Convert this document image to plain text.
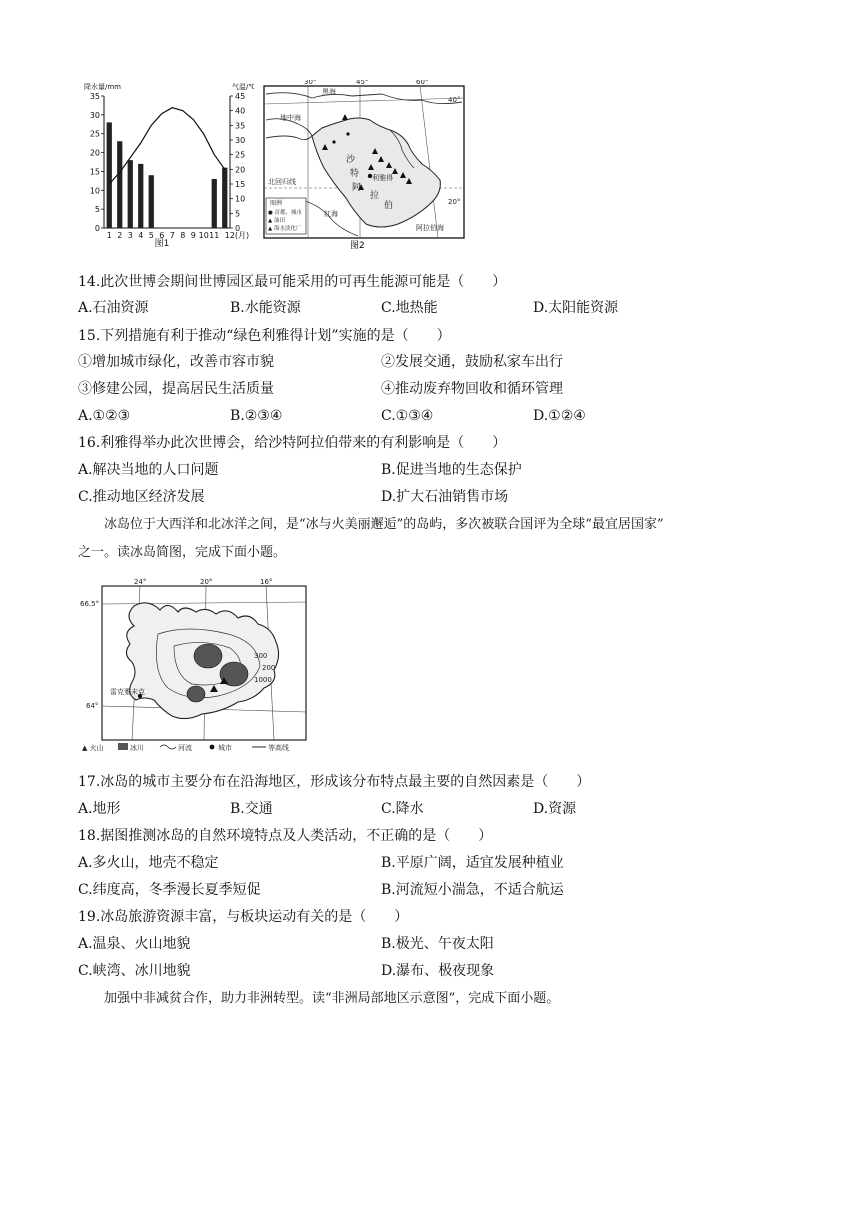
降水量/mm	气温/℃
35
30
25
20
15
10
5
0
45
40
35
30
25
20
15
10
5
0
1 2 3 4 5 6 7 8 9 10 11 12(月)
图1
30°	45°	60°
40°
20°
黑海
地中海
沙
特
阿
拉
伯
利雅得
北回归线
红海
阿拉伯海
图例
● 首都、城市
▲ 油田
▲ 海水淡化厂
图2
14.此次世博会期间世博园区最可能采用的可再生能源可能是（　　）
A.石油资源	B.水能资源	C.地热能	D.太阳能资源
15.下列措施有利于推动“绿色利雅得计划”实施的是（　　）
①增加城市绿化，改善市容市貌	②发展交通，鼓励私家车出行
③修建公园，提高居民生活质量	④推动废弃物回收和循环管理
A.①②③	B.②③④	C.①③④	D.①②④
16.利雅得举办此次世博会，给沙特阿拉伯带来的有利影响是（　　）
A.解决当地的人口问题	B.促进当地的生态保护
C.推动地区经济发展	D.扩大石油销售市场
冰岛位于大西洋和北冰洋之间，是“冰与火美丽邂逅”的岛屿，多次被联合国评为全球“最宜居国家”
之一。读冰岛简图，完成下面小题。
24°	20°	16°
66.5°
64°
300
200
1000
雷克雅未克
▲ 火山	冰川	河流	城市	等高线
17.冰岛的城市主要分布在沿海地区，形成该分布特点最主要的自然因素是（　　）
A.地形	B.交通	C.降水	D.资源
18.据图推测冰岛的自然环境特点及人类活动，不正确的是（　　）
A.多火山，地壳不稳定	B.平原广阔，适宜发展种植业
C.纬度高，冬季漫长夏季短促	B.河流短小湍急，不适合航运
19.冰岛旅游资源丰富，与板块运动有关的是（　　）
A.温泉、火山地貌	B.极光、午夜太阳
C.峡湾、冰川地貌	D.瀑布、极夜现象
加强中非减贫合作，助力非洲转型。读“非洲局部地区示意图”，完成下面小题。
